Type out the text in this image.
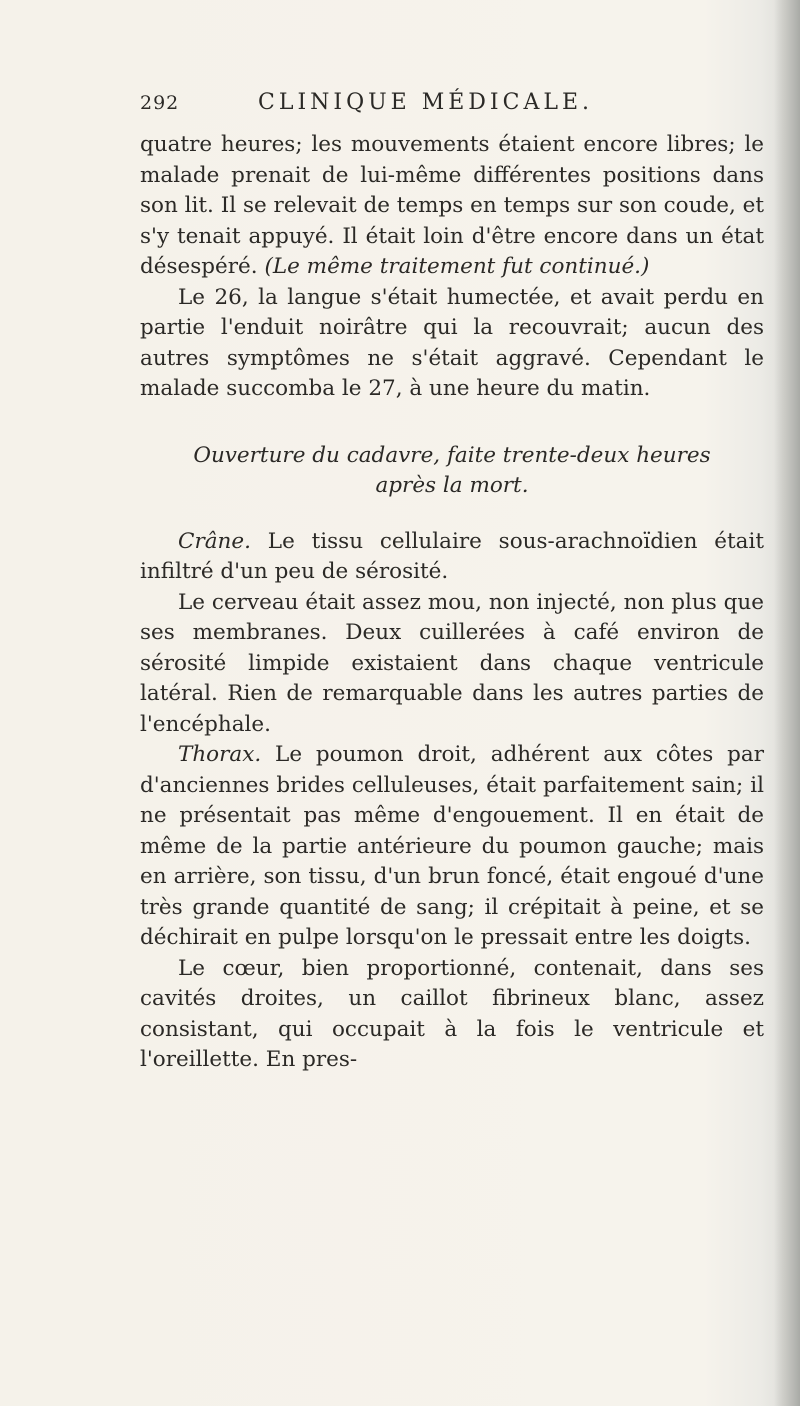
292	CLINIQUE MÉDICALE.

quatre heures; les mouvements étaient encore libres; le malade prenait de lui-même différentes positions dans son lit. Il se relevait de temps en temps sur son coude, et s'y tenait appuyé. Il était loin d'être encore dans un état désespéré. (Le même traitement fut continué.)

Le 26, la langue s'était humectée, et avait perdu en partie l'enduit noirâtre qui la recouvrait; aucun des autres symptômes ne s'était aggravé. Cependant le malade succomba le 27, à une heure du matin.

Ouverture du cadavre, faite trente-deux heures après la mort.

Crâne. Le tissu cellulaire sous-arachnoïdien était infiltré d'un peu de sérosité.

Le cerveau était assez mou, non injecté, non plus que ses membranes. Deux cuillerées à café environ de sérosité limpide existaient dans chaque ventricule latéral. Rien de remarquable dans les autres parties de l'encéphale.

Thorax. Le poumon droit, adhérent aux côtes par d'anciennes brides celluleuses, était parfaitement sain; il ne présentait pas même d'engouement. Il en était de même de la partie antérieure du poumon gauche; mais en arrière, son tissu, d'un brun foncé, était engoué d'une très grande quantité de sang; il crépitait à peine, et se déchirait en pulpe lorsqu'on le pressait entre les doigts.

Le cœur, bien proportionné, contenait, dans ses cavités droites, un caillot fibrineux blanc, assez consistant, qui occupait à la fois le ventricule et l'oreillette. En pres-
